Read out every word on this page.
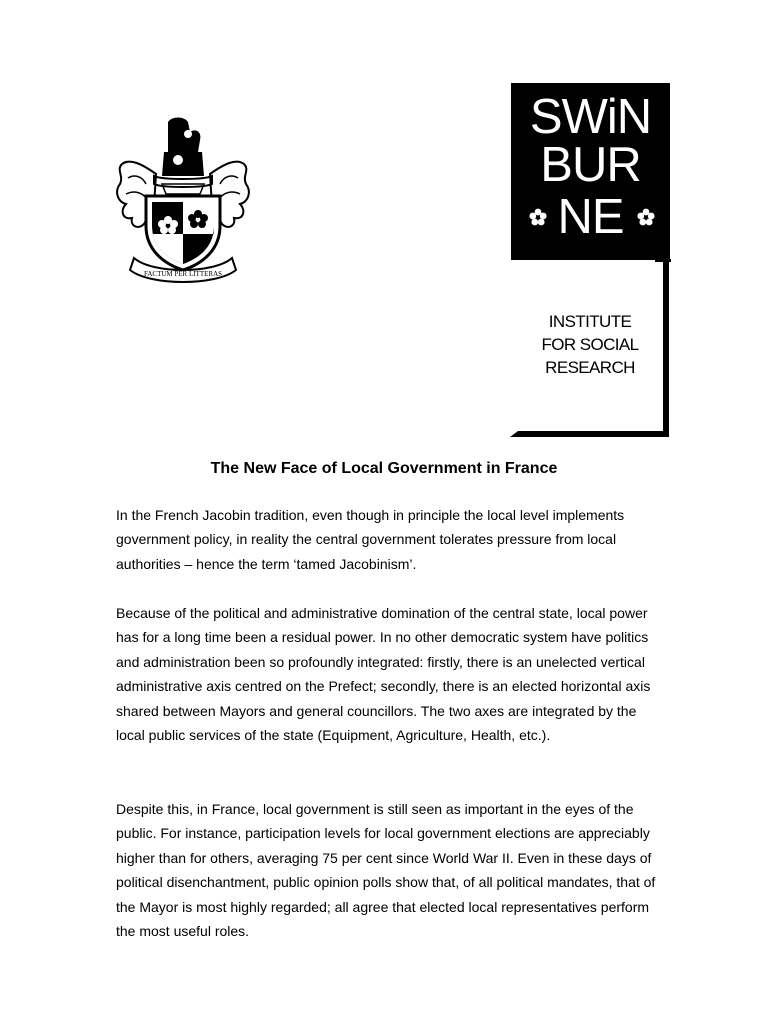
FACTUM PER LITTERAS
SWiN
BUR
NE
INSTITUTE
FOR SOCIAL
RESEARCH
The New Face of Local Government in France

In the French Jacobin tradition, even though in principle the local level implements government policy, in reality the central government tolerates pressure from local authorities – hence the term ‘tamed Jacobinism’.

Because of the political and administrative domination of the central state, local power has for a long time been a residual power. In no other democratic system have politics and administration been so profoundly integrated: firstly, there is an unelected vertical administrative axis centred on the Prefect; secondly, there is an elected horizontal axis shared between Mayors and general councillors. The two axes are integrated by the local public services of the state (Equipment, Agriculture, Health, etc.).

Despite this, in France, local government is still seen as important in the eyes of the public. For instance, participation levels for local government elections are appreciably higher than for others, averaging 75 per cent since World War II. Even in these days of political disenchantment, public opinion polls show that, of all political mandates, that of the Mayor is most highly regarded; all agree that elected local representatives perform the most useful roles.
